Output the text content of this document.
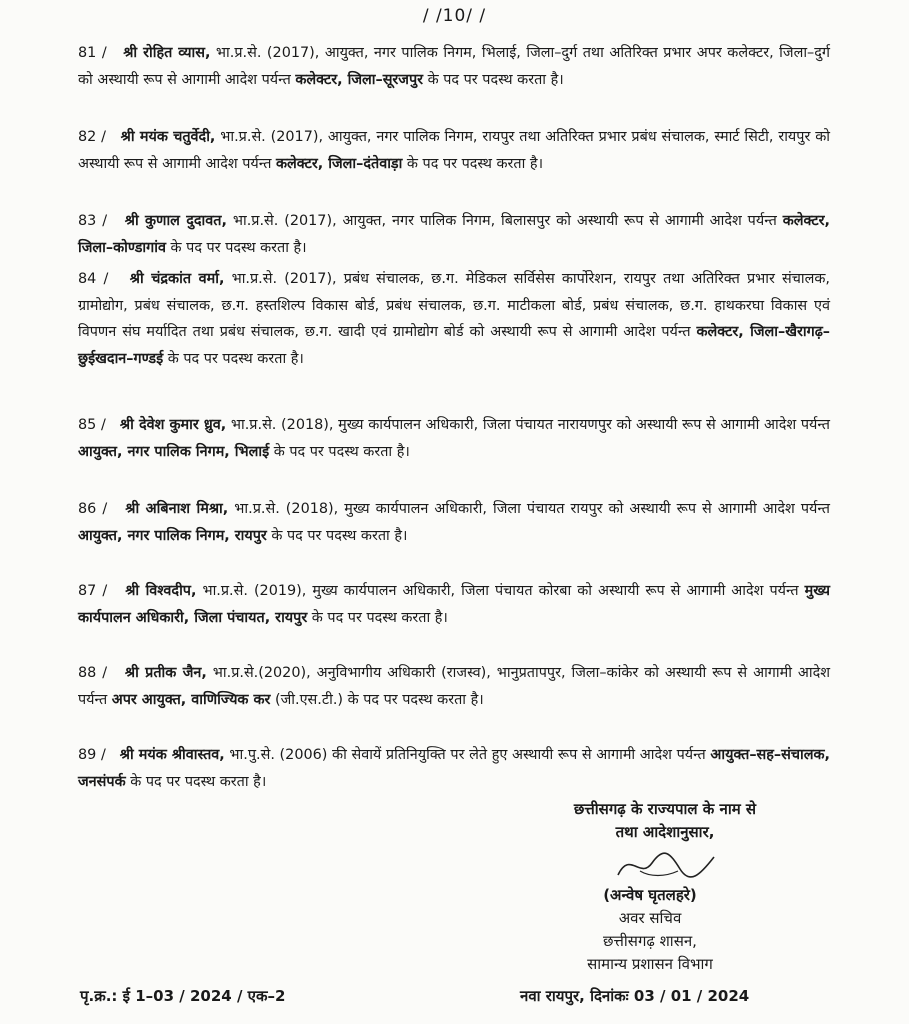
/ /10/ /
81 / श्री रोहित व्यास, भा.प्र.से. (2017), आयुक्त, नगर पालिक निगम, भिलाई, जिला–दुर्ग तथा अतिरिक्त प्रभार अपर कलेक्टर, जिला–दुर्ग को अस्थायी रूप से आगामी आदेश पर्यन्त कलेक्टर, जिला–सूरजपुर के पद पर पदस्थ करता है।
82 / श्री मयंक चतुर्वेदी, भा.प्र.से. (2017), आयुक्त, नगर पालिक निगम, रायपुर तथा अतिरिक्त प्रभार प्रबंध संचालक, स्मार्ट सिटी, रायपुर को अस्थायी रूप से आगामी आदेश पर्यन्त कलेक्टर, जिला–दंतेवाड़ा के पद पर पदस्थ करता है।
83 / श्री कुणाल दुदावत, भा.प्र.से. (2017), आयुक्त, नगर पालिक निगम, बिलासपुर को अस्थायी रूप से आगामी आदेश पर्यन्त कलेक्टर, जिला–कोण्डागांव के पद पर पदस्थ करता है।
84 / श्री चंद्रकांत वर्मा, भा.प्र.से. (2017), प्रबंध संचालक, छ.ग. मेडिकल सर्विसेस कार्पोरेशन, रायपुर तथा अतिरिक्त प्रभार संचालक, ग्रामोद्योग, प्रबंध संचालक, छ.ग. हस्तशिल्प विकास बोर्ड, प्रबंध संचालक, छ.ग. माटीकला बोर्ड, प्रबंध संचालक, छ.ग. हाथकरघा विकास एवं विपणन संघ मर्यादित तथा प्रबंध संचालक, छ.ग. खादी एवं ग्रामोद्योग बोर्ड को अस्थायी रूप से आगामी आदेश पर्यन्त कलेक्टर, जिला–खैरागढ़–छुईखदान–गण्डई के पद पर पदस्थ करता है।
85 / श्री देवेश कुमार ध्रुव, भा.प्र.से. (2018), मुख्य कार्यपालन अधिकारी, जिला पंचायत नारायणपुर को अस्थायी रूप से आगामी आदेश पर्यन्त आयुक्त, नगर पालिक निगम, भिलाई के पद पर पदस्थ करता है।
86 / श्री अबिनाश मिश्रा, भा.प्र.से. (2018), मुख्य कार्यपालन अधिकारी, जिला पंचायत रायपुर को अस्थायी रूप से आगामी आदेश पर्यन्त आयुक्त, नगर पालिक निगम, रायपुर के पद पर पदस्थ करता है।
87 / श्री विश्वदीप, भा.प्र.से. (2019), मुख्य कार्यपालन अधिकारी, जिला पंचायत कोरबा को अस्थायी रूप से आगामी आदेश पर्यन्त मुख्य कार्यपालन अधिकारी, जिला पंचायत, रायपुर के पद पर पदस्थ करता है।
88 / श्री प्रतीक जैन, भा.प्र.से.(2020), अनुविभागीय अधिकारी (राजस्व), भानुप्रतापपुर, जिला–कांकेर को अस्थायी रूप से आगामी आदेश पर्यन्त अपर आयुक्त, वाणिज्यिक कर (जी.एस.टी.) के पद पर पदस्थ करता है।
89 / श्री मयंक श्रीवास्तव, भा.पु.से. (2006) की सेवायें प्रतिनियुक्ति पर लेते हुए अस्थायी रूप से आगामी आदेश पर्यन्त आयुक्त–सह–संचालक, जनसंपर्क के पद पर पदस्थ करता है।
छत्तीसगढ़ के राज्यपाल के नाम से
तथा आदेशानुसार,
(अन्वेष घृतलहरे)
अवर सचिव
छत्तीसगढ़ शासन,
सामान्य प्रशासन विभाग
पृ.क्र.: ई 1–03 / 2024 / एक–2	नवा रायपुर, दिनांकः 03 / 01 / 2024
